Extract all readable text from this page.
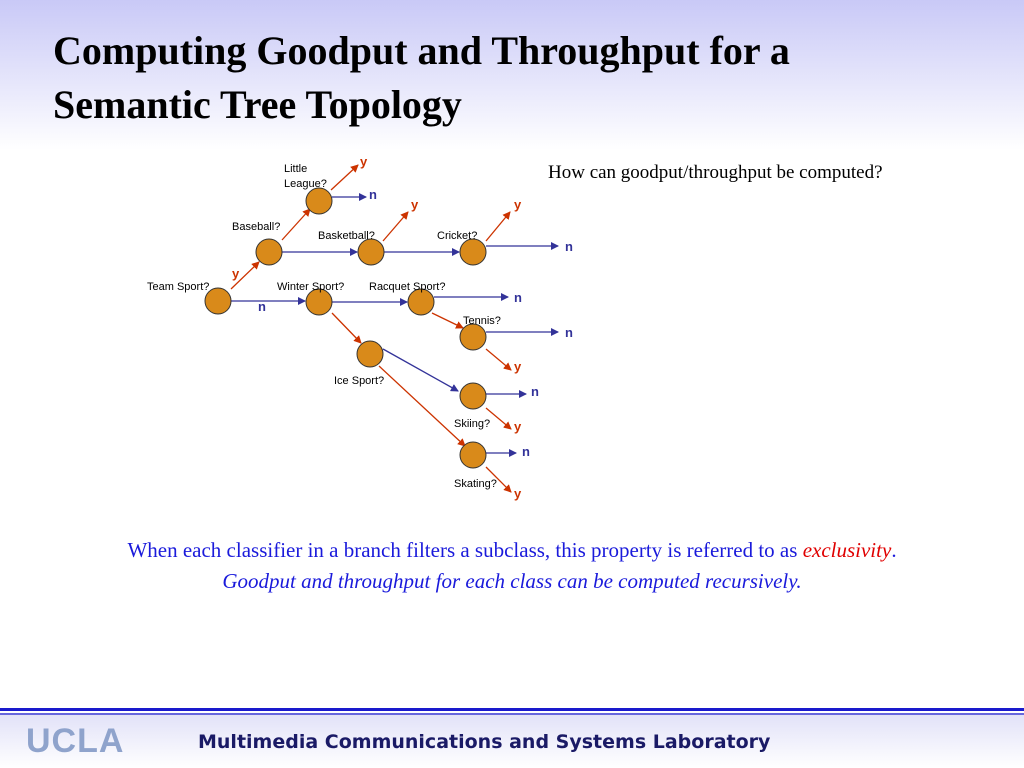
Computing Goodput and Throughput for a
Semantic Tree Topology
How can goodput/throughput be computed?
Team Sport?
Baseball?
Little
League?
Basketball?	Cricket?
Winter Sport? Racquet Sport?
Tennis?
Ice Sport?
Skiing?
Skating?
y
n
y
n
y	y
n
n
n
y
n
y
n
y
When each classifier in a branch filters a subclass, this property is referred to as exclusivity.
Goodput and throughput for each class can be computed recursively.
UCLA	Multimedia Communications and Systems Laboratory
